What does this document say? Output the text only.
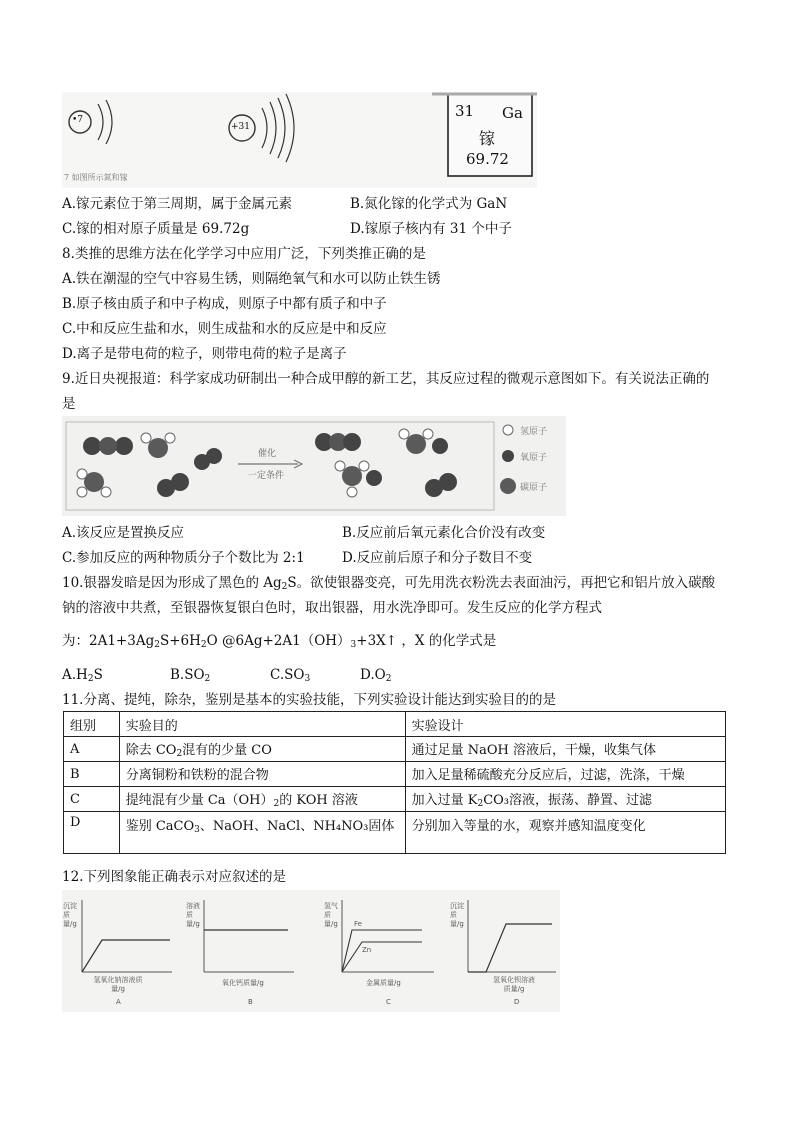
•7
+31
7 如图所示氮和镓
31 Ga
镓
69.72
A.镓元素位于第三周期，属于金属元素	B.氮化镓的化学式为 GaN
C.镓的相对原子质量是 69.72g	D.镓原子核内有 31 个中子
8.类推的思维方法在化学学习中应用广泛，下列类推正确的是
A.铁在潮湿的空气中容易生锈，则隔绝氧气和水可以防止铁生锈
B.原子核由质子和中子构成，则原子中都有质子和中子
C.中和反应生盐和水，则生成盐和水的反应是中和反应
D.离子是带电荷的粒子，则带电荷的粒子是离子
9.近日央视报道：科学家成功研制出一种合成甲醇的新工艺，其反应过程的微观示意图如下。有关说法正确的
是
催化
一定条件
氢原子
氧原子
碳原子
A.该反应是置换反应	B.反应前后氧元素化合价没有改变
C.参加反应的两种物质分子个数比为 2:1	D.反应前后原子和分子数目不变
10.银器发暗是因为形成了黑色的 $Ag_2S$。欲使银器变亮，可先用洗衣粉洗去表面油污，再把它和铝片放入碳酸
钠的溶液中共煮，至银器恢复银白色时，取出银器，用水洗净即可。发生反应的化学方程式
为：$2A1+3Ag_2S+6H_2O$ $@6Ag+2A1(OH)_3+3X↑$ ，X 的化学式是
$A.H_2S$	$B.SO_2$	$C.SO_3$	$D.O_2$
11.分离、提纯，除杂，鉴别是基本的实验技能，下列实验设计能达到实验目的的是
组别	实验目的	实验设计
A	除去 $CO_2$混有的少量 CO	通过足量 NaOH 溶液后，干燥，收集气体
B	分离铜粉和铁粉的混合物	加入足量稀硫酸充分反应后，过滤，洗涤，干燥
C	提纯混有少量 $Ca(OH)_2$的 KOH 溶液	加入过量 $K_2CO_3$溶液，振荡、静置、过滤
D	鉴别 CaCO$_3$、NaOH、NaCl、NH₄NO₃固体	分别加入等量的水，观察并感知温度变化
12.下列图象能正确表示对应叙述的是
沉淀质量/g
氢氧化钠溶液质量/g
A
溶液质量/g
氧化钙质量/g
B
氢气质量/g	Fe
Zn
金属质量/g
C
沉淀质量/g
氢氧化钡溶液质量/g
D
